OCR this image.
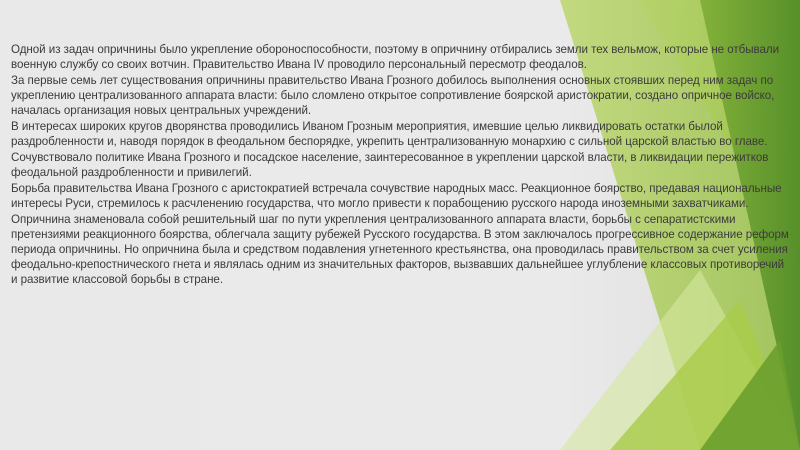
Одной из задач опричнины было укрепление обороноспособности, поэтому в опричнину отбирались земли тех вельмож, которые не отбывали военную службу со своих вотчин. Правительство Ивана IV проводило персональный пересмотр феодалов.

За первые семь лет существования опричнины правительство Ивана Грозного добилось выполнения основных стоявших перед ним задач по укреплению централизованного аппарата власти: было сломлено открытое сопротивление боярской аристократии, создано опричное войско, началась организация новых центральных учреждений.

В интересах широких кругов дворянства проводились Иваном Грозным мероприятия, имевшие целью ликвидировать остатки былой раздробленности и, наводя порядок в феодальном беспорядке, укрепить централизованную монархию с сильной царской властью во главе.

Сочувствовало политике Ивана Грозного и посадское население, заинтересованное в укреплении царской власти, в ликвидации пережитков феодальной раздробленности и привилегий.

Борьба правительства Ивана Грозного с аристократией встречала сочувствие народных масс. Реакционное боярство, предавая национальные интересы Руси, стремилось к расчленению государства, что могло привести к порабощению русского народа иноземными захватчиками.

Опричнина знаменовала собой решительный шаг по пути укрепления централизованного аппарата власти, борьбы с сепаратистскими претензиями реакционного боярства, облегчала защиту рубежей Русского государства. В этом заключалось прогрессивное содержание реформ периода опричнины. Но опричнина была и средством подавления угнетенного крестьянства, она проводилась правительством за счет усиления феодально-крепостнического гнета и являлась одним из значительных факторов, вызвавших дальнейшее углубление классовых противоречий и развитие классовой борьбы в стране.
